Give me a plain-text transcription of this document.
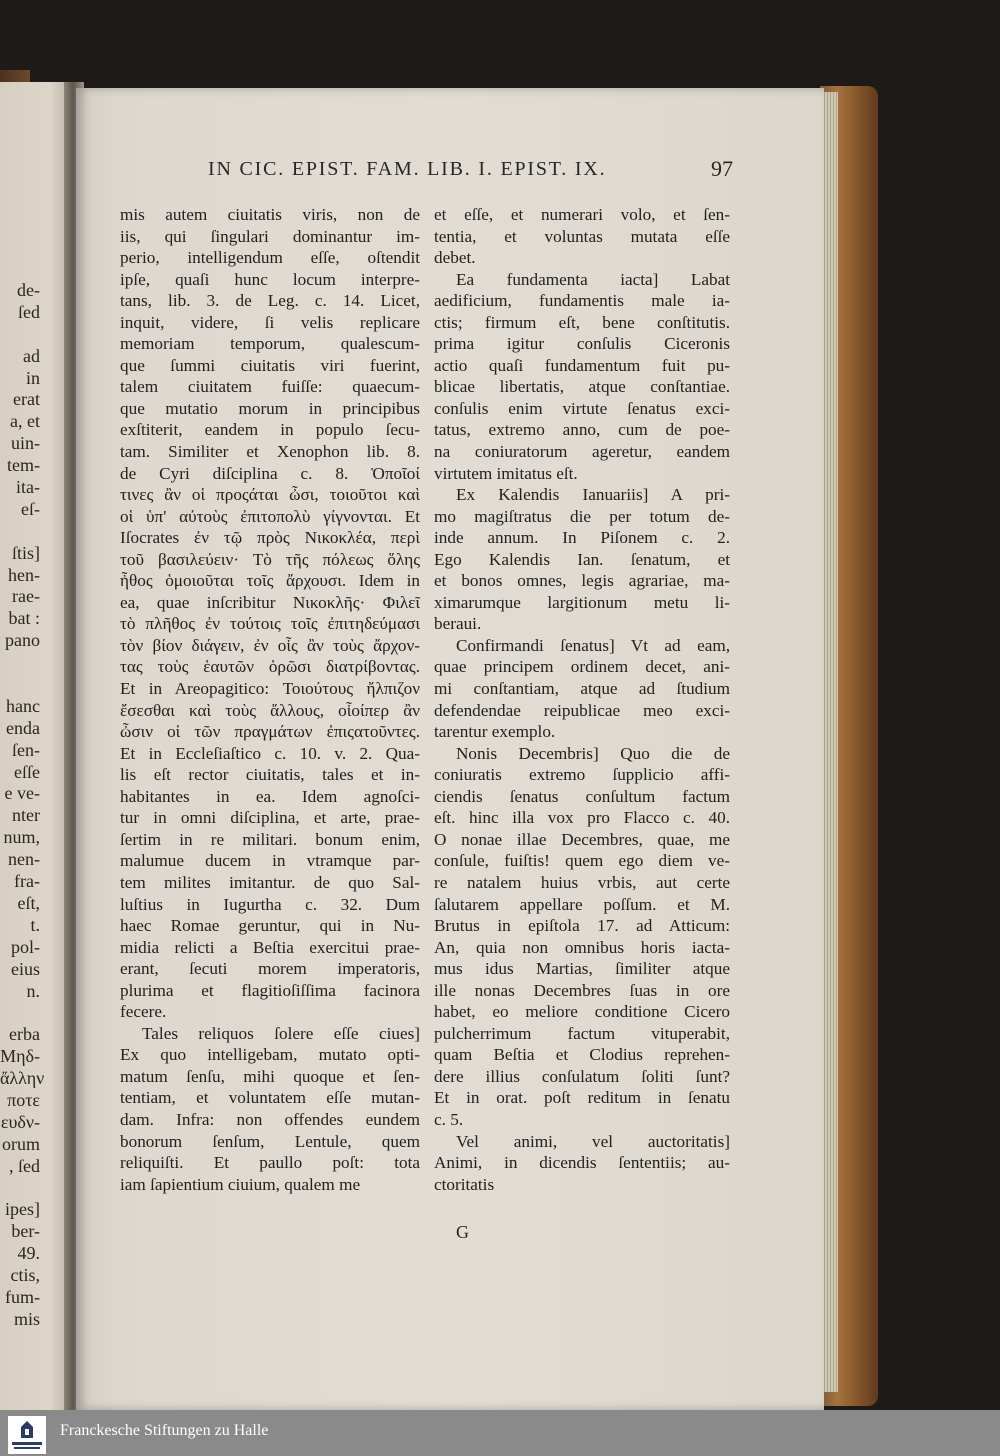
de-
ſed
ad
in
erat
a, et
uin-
tem-
ita-
eſ-
ſtis]
hen-
rae-
bat :
pano
hanc
enda
ſen-
eſſe
e ve-
nter
num,
nen-
fra-
eſt,
t.
pol-
eius
n.
erba
Μηδ-
ἄλλην
ποτε
ευδν-
orum
, ſed
ipes]
ber-
49.
ctis,
fum-
mis
IN CIC. EPIST. FAM. LIB. I. EPIST. IX.	97
mis autem ciuitatis viris, non de
iis, qui ſingulari dominantur im-
perio, intelligendum eſſe, oſtendit
ipſe, quaſi hunc locum interpre-
tans, lib. 3. de Leg. c. 14. Licet,
inquit, videre, ſi velis replicare
memoriam temporum, qualescum-
que ſummi ciuitatis viri fuerint,
talem ciuitatem fuiſſe: quaecum-
que mutatio morum in principibus
exſtiterit, eandem in populo ſecu-
tam. Similiter et Xenophon lib. 8.
de Cyri diſciplina c. 8. Ὁποῖοί
τινες ἂν οἱ προςάται ὦσι, τοιοῦτοι καὶ
οἱ ὑπ' αὐτοὺς ἐπιτοπολὺ γίγνονται. Et
Iſocrates ἐν τῷ πρὸς Νικοκλέα, περὶ
τοῦ βασιλεύειν· Τὸ τῆς πόλεως ὅλης
ἦθος ὁμοιοῦται τοῖς ἄρχουσι. Idem in
ea, quae inſcribitur Νικοκλῆς· Φιλεῖ
τὸ πλῆθος ἐν τούτοις τοῖς ἐπιτηδεύμασι
τὸν βίον διάγειν, ἐν οἷς ἂν τοὺς ἄρχον-
τας τοὺς ἑαυτῶν ὁρῶσι διατρίβοντας.
Et in Areopagitico: Τοιούτους ἤλπιζον
ἔσεσθαι καὶ τοὺς ἄλλους, οἷοίπερ ἂν
ὦσιν οἱ τῶν πραγμάτων ἐπιςατοῦντες.
Et in Eccleſiaſtico c. 10. v. 2. Qua-
lis eſt rector ciuitatis, tales et in-
habitantes in ea. Idem agnoſci-
tur in omni diſciplina, et arte, prae-
ſertim in re militari. bonum enim,
malumue ducem in vtramque par-
tem milites imitantur. de quo Sal-
luſtius in Iugurtha c. 32. Dum
haec Romae geruntur, qui in Nu-
midia relicti a Beſtia exercitui prae-
erant, ſecuti morem imperatoris,
plurima et flagitioſiſſima facinora
fecere.
Tales reliquos ſolere eſſe ciues]
Ex quo intelligebam, mutato opti-
matum ſenſu, mihi quoque et ſen-
tentiam, et voluntatem eſſe mutan-
dam. Infra: non offendes eundem
bonorum ſenſum, Lentule, quem
reliquiſti. Et paullo poſt: tota
iam ſapientium ciuium, qualem me
et eſſe, et numerari volo, et ſen-
tentia, et voluntas mutata eſſe
debet.
Ea fundamenta iacta] Labat
aedificium, fundamentis male ia-
ctis; firmum eſt, bene conſtitutis.
prima igitur conſulis Ciceronis
actio quaſi fundamentum fuit pu-
blicae libertatis, atque conſtantiae.
conſulis enim virtute ſenatus exci-
tatus, extremo anno, cum de poe-
na coniuratorum ageretur, eandem
virtutem imitatus eſt.
Ex Kalendis Ianuariis] A pri-
mo magiſtratus die per totum de-
inde annum. In Piſonem c. 2.
Ego Kalendis Ian. ſenatum, et
et bonos omnes, legis agrariae, ma-
ximarumque largitionum metu li-
beraui.
Confirmandi ſenatus] Vt ad eam,
quae principem ordinem decet, ani-
mi conſtantiam, atque ad ſtudium
defendendae reipublicae meo exci-
tarentur exemplo.
Nonis Decembris] Quo die de
coniuratis extremo ſupplicio affi-
ciendis ſenatus conſultum factum
eſt. hinc illa vox pro Flacco c. 40.
O nonae illae Decembres, quae, me
conſule, fuiſtis! quem ego diem ve-
re natalem huius vrbis, aut certe
ſalutarem appellare poſſum. et M.
Brutus in epiſtola 17. ad Atticum:
An, quia non omnibus horis iacta-
mus idus Martias, ſimiliter atque
ille nonas Decembres ſuas in ore
habet, eo meliore conditione Cicero
pulcherrimum factum vituperabit,
quam Beſtia et Clodius reprehen-
dere illius conſulatum ſoliti ſunt?
Et in orat. poſt reditum in ſenatu
c. 5.
Vel animi, vel auctoritatis]
Animi, in dicendis ſententiis; au-
ctoritatis
G
Franckesche Stiftungen zu Halle
